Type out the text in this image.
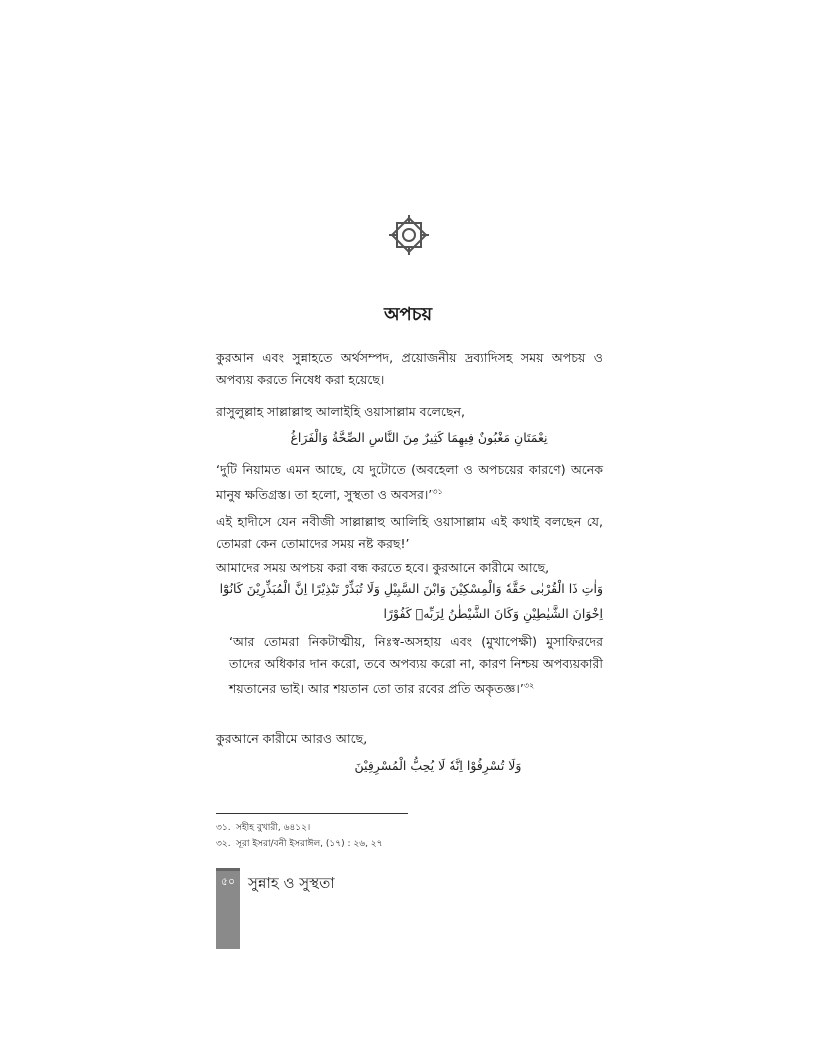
অপচয়

কুরআন এবং সুন্নাহতে অর্থসম্পদ, প্রয়োজনীয় দ্রব্যাদিসহ সময় অপচয় ও অপব্যয় করতে নিষেধ করা হয়েছে।

রাসুলুল্লাহ সাল্লাল্লাহু আলাইহি ওয়াসাল্লাম বলেছেন,

نِعْمَتَانِ مَغْبُونٌ فِيهِمَا كَثِيرٌ مِنَ النَّاسِ الصِّحَّةُ وَالْفَرَاغُ

‘দুটি নিয়ামত এমন আছে, যে দুটোতে (অবহেলা ও অপচয়ের কারণে) অনেক মানুষ ক্ষতিগ্রস্ত। তা হলো, সুস্থতা ও অবসর।’$^{৩১}$

এই হাদীসে যেন নবীজী সাল্লাল্লাহু আলিহি ওয়াসাল্লাম এই কথাই বলছেন যে, তোমরা কেন তোমাদের সময় নষ্ট করছ!’

আমাদের সময় অপচয় করা বন্ধ করতে হবে। কুরআনে কারীমে আছে,

وَاٰتِ ذَا الْقُرْبٰى حَقَّهٗ وَالْمِسْكِيْنَ وَابْنَ السَّبِيْلِ وَلَا تُبَذِّرْ تَبْذِيْرًا اِنَّ الْمُبَذِّرِيْنَ كَانُوْٓا
اِخْوَانَ الشَّيٰطِيْنِ وَكَانَ الشَّيْطٰنُ لِرَبِّهٖ كَفُوْرًا

‘আর তোমরা নিকটাত্মীয়, নিঃস্ব-অসহায় এবং (মুখাপেক্ষী) মুসাফিরদের তাদের অধিকার দান করো, তবে অপব্যয় করো না, কারণ নিশ্চয় অপব্যয়কারী শয়তানের ভাই। আর শয়তান তো তার রবের প্রতি অকৃতজ্ঞ।’$^{৩২}$

কুরআনে কারীমে আরও আছে,

وَلَا تُسْرِفُوْا اِنَّهٗ لَا يُحِبُّ الْمُسْرِفِيْنَ
৩১. সহীহ বুখারী, ৬৪১২।
৩২. সূরা ইসরা/বনী ইসরাঈল, (১৭) : ২৬, ২৭
৫০ সুন্নাহ ও সুস্থতা
